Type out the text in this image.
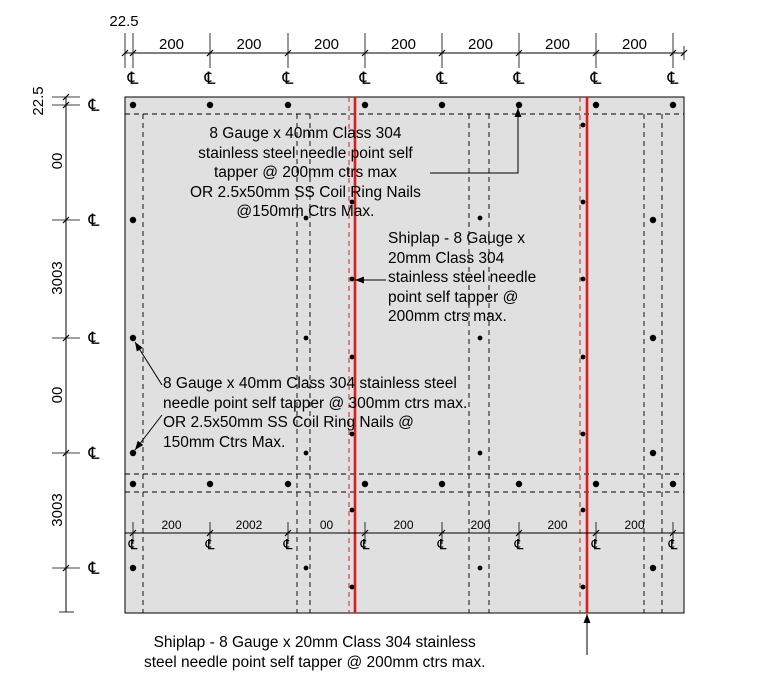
22.5
200	200	200	200	200	200	200
℄	℄	℄	℄	℄	℄	℄	℄
22.5
00
3003
00
3003
℄
℄
℄
℄
℄
℄	℄	℄	℄	℄	℄	℄	℄
200	2002	00	200	200	200	200
8 Gauge x 40mm Class 304
stainless steel needle point self
tapper @ 200mm ctrs max
OR 2.5x50mm SS Coil Ring Nails
@150mm Ctrs Max.
Shiplap - 8 Gauge x
20mm Class 304
stainless steel needle
point self tapper @
200mm ctrs max.
8 Gauge x 40mm Class 304 stainless steel
needle point self tapper @ 300mm ctrs max.
OR 2.5x50mm SS Coil Ring Nails @
150mm Ctrs Max.
Shiplap - 8 Gauge x 20mm Class 304 stainless
steel needle point self tapper @ 200mm ctrs max.
